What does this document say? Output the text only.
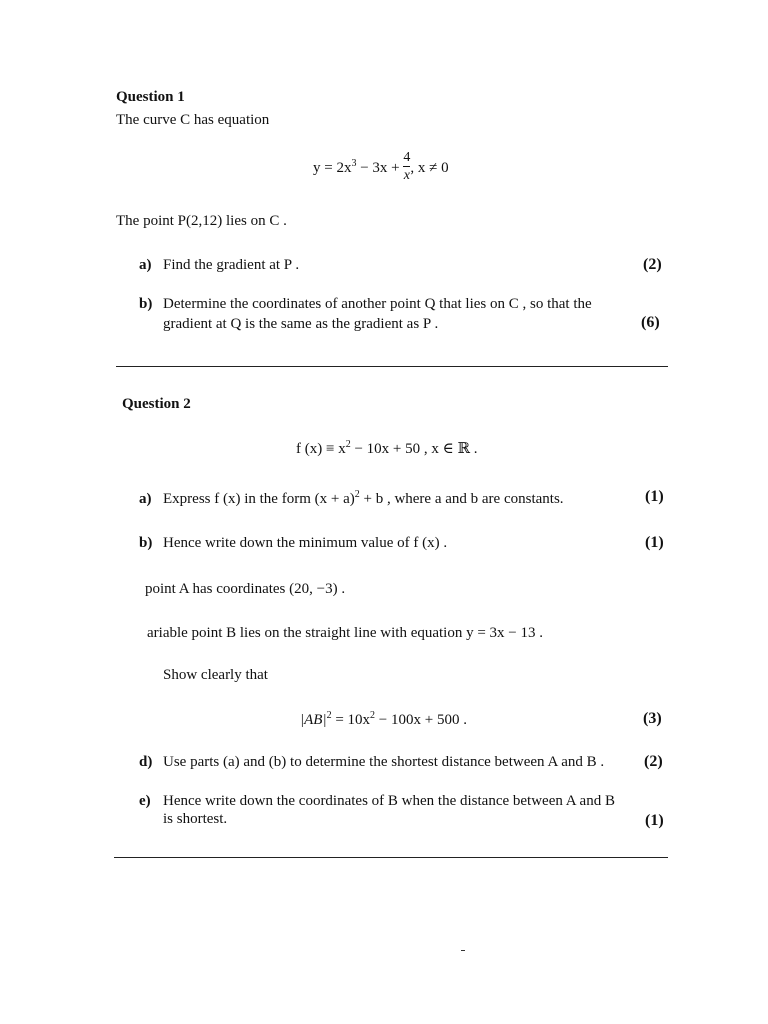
Question 1
The curve C has equation
$y = 2x^3 - 3x + \frac{4}{x}$ , x ≠ 0
The point P(2,12) lies on C .
a) Find the gradient at P .	(2)
b) Determine the coordinates of another point Q that lies on C , so that the
gradient at Q is the same as the gradient as P .	(6)
Question 2
f $(x) \equiv x^2 - 10x + 50$ , x ∈ ℝ .
a) Express f (x) in the form $(x + a)^2 + b$ , where a and b are constants.	(1)
b) Hence write down the minimum value of f (x) .	(1)
point A has coordinates (20, −3) .
ariable point B lies on the straight line with equation y = 3x − 13 .
Show clearly that
$|AB|^2 = 10x^2 - 100x + 500$ .	(3)
d) Use parts (a) and (b) to determine the shortest distance between A and B . (2)
e) Hence write down the coordinates of B when the distance between A and B
is shortest.	(1)
